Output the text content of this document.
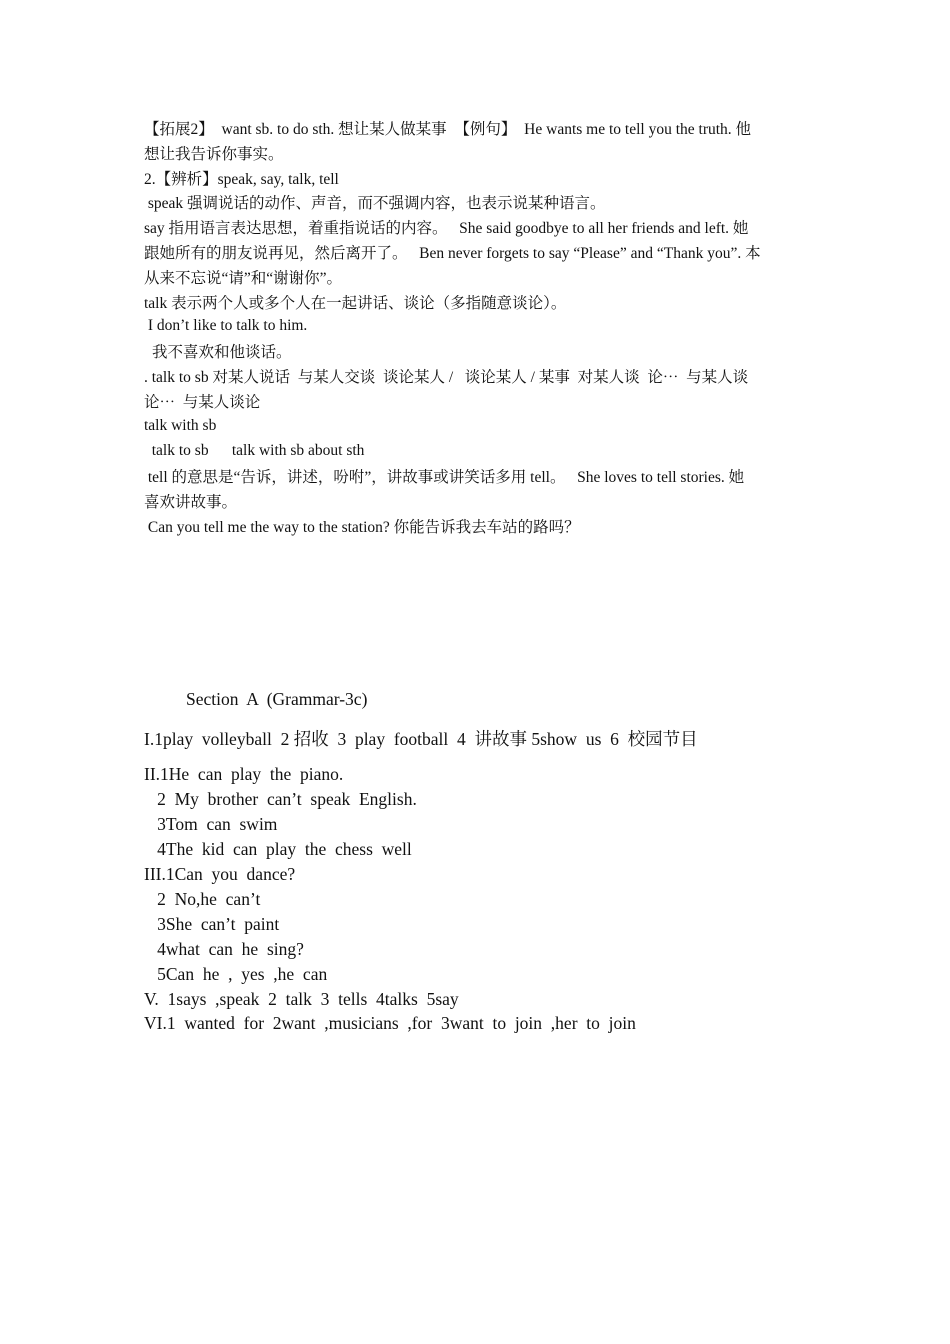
【拓展2】  want sb. to do sth. 想让某人做某事  【例句】  He wants me to tell you the truth. 他
想让我告诉你事实。
2.【辨析】speak, say, talk, tell
speak 强调说话的动作、声音，而不强调内容，也表示说某种语言。
say 指用语言表达思想，着重指说话的内容。   She said goodbye to all her friends and left. 她
跟她所有的朋友说再见，然后离开了。   Ben never forgets to say “Please” and “Thank you”. 本
从来不忘说“请”和“谢谢你”。
talk 表示两个人或多个人在一起讲话、谈论（多指随意谈论）。
I don’t like to talk to him.
我不喜欢和他谈话。
. talk to sb 对某人说话  与某人交谈  谈论某人 /   谈论某人 / 某事  对某人谈  论⋯  与某人谈
论⋯  与某人谈论
talk with sb
talk to sb      talk with sb about sth
tell 的意思是“告诉，讲述，吩咐”，讲故事或讲笑话多用 tell。   She loves to tell stories. 她
喜欢讲故事。
Can you tell me the way to the station? 你能告诉我去车站的路吗？
Section  A  (Grammar-3c)
I.1play  volleyball  2 招收  3  play  football  4  讲故事 5show  us  6  校园节目
II.1He  can  play  the  piano.
2  My  brother  can’t  speak  English.
3Tom  can  swim
4The  kid  can  play  the  chess  well
III.1Can  you  dance?
2  No,he  can’t
3She  can’t  paint
4what  can  he  sing?
5Can  he  ,  yes  ,he  can
V.  1says  ,speak  2  talk  3  tells  4talks  5say
VI.1  wanted  for  2want  ,musicians  ,for  3want  to  join  ,her  to  join
